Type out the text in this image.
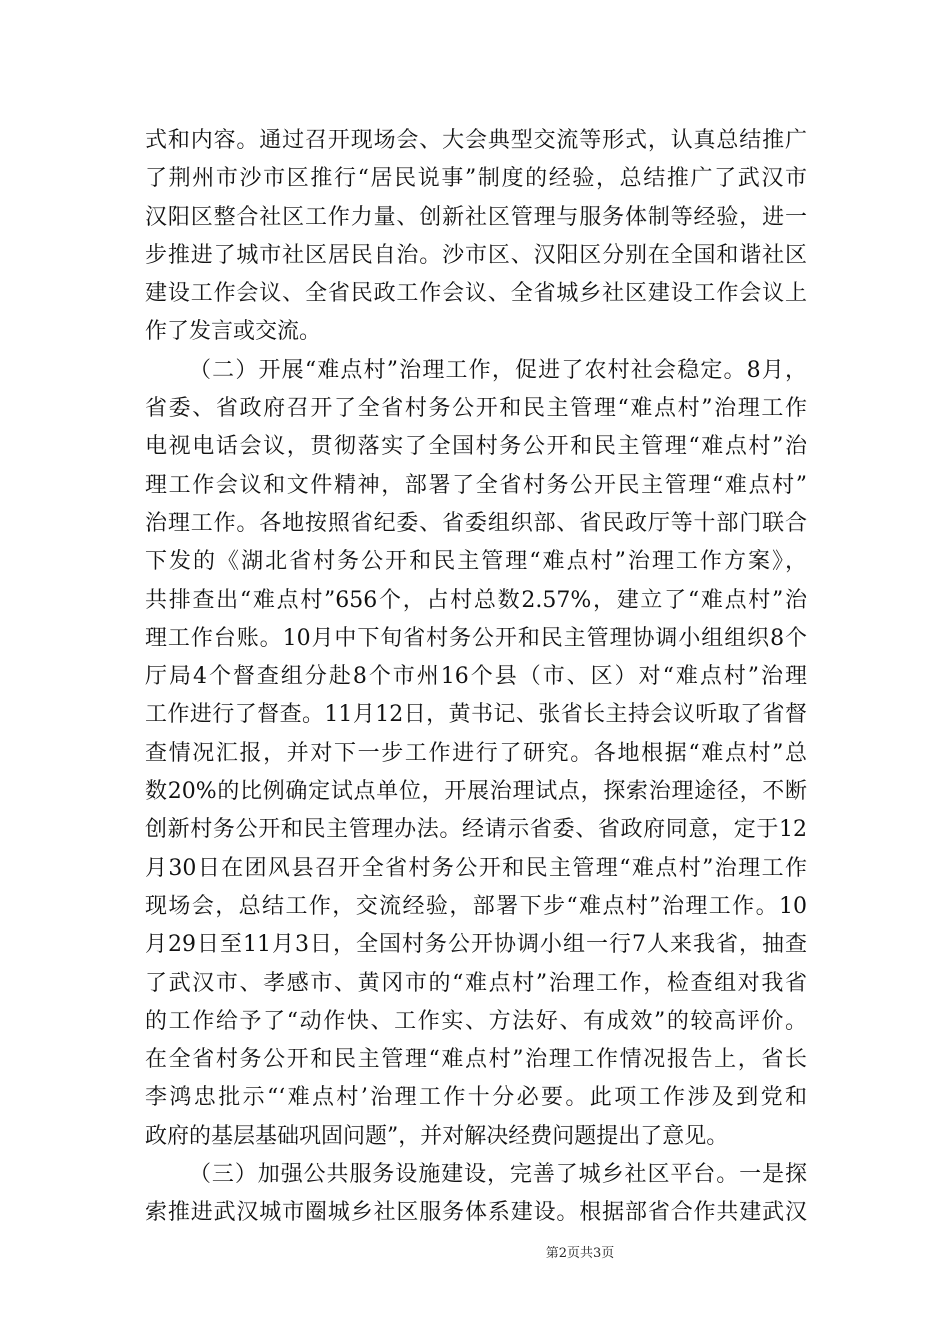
式和内容。通过召开现场会、大会典型交流等形式，认真总结推广
了荆州市沙市区推行“居民说事”制度的经验，总结推广了武汉市
汉阳区整合社区工作力量、创新社区管理与服务体制等经验，进一
步推进了城市社区居民自治。沙市区、汉阳区分别在全国和谐社区
建设工作会议、全省民政工作会议、全省城乡社区建设工作会议上
作了发言或交流。
（二）开展“难点村”治理工作，促进了农村社会稳定。8月，
省委、省政府召开了全省村务公开和民主管理“难点村”治理工作
电视电话会议，贯彻落实了全国村务公开和民主管理“难点村”治
理工作会议和文件精神，部署了全省村务公开民主管理“难点村”
治理工作。各地按照省纪委、省委组织部、省民政厅等十部门联合
下发的《湖北省村务公开和民主管理“难点村”治理工作方案》，
共排查出“难点村”656个，占村总数2.57%，建立了“难点村”治
理工作台账。10月中下旬省村务公开和民主管理协调小组组织8个
厅局4个督查组分赴8个市州16个县（市、区）对“难点村”治理
工作进行了督查。11月12日，黄书记、张省长主持会议听取了省督
查情况汇报，并对下一步工作进行了研究。各地根据“难点村”总
数20%的比例确定试点单位，开展治理试点，探索治理途径，不断
创新村务公开和民主管理办法。经请示省委、省政府同意，定于12
月30日在团风县召开全省村务公开和民主管理“难点村”治理工作
现场会，总结工作，交流经验，部署下步“难点村”治理工作。10
月29日至11月3日，全国村务公开协调小组一行7人来我省，抽查
了武汉市、孝感市、黄冈市的“难点村”治理工作，检查组对我省
的工作给予了“动作快、工作实、方法好、有成效”的较高评价。
在全省村务公开和民主管理“难点村”治理工作情况报告上，省长
李鸿忠批示“‘难点村’治理工作十分必要。此项工作涉及到党和
政府的基层基础巩固问题”，并对解决经费问题提出了意见。
（三）加强公共服务设施建设，完善了城乡社区平台。一是探
索推进武汉城市圈城乡社区服务体系建设。根据部省合作共建武汉
第2页共3页
